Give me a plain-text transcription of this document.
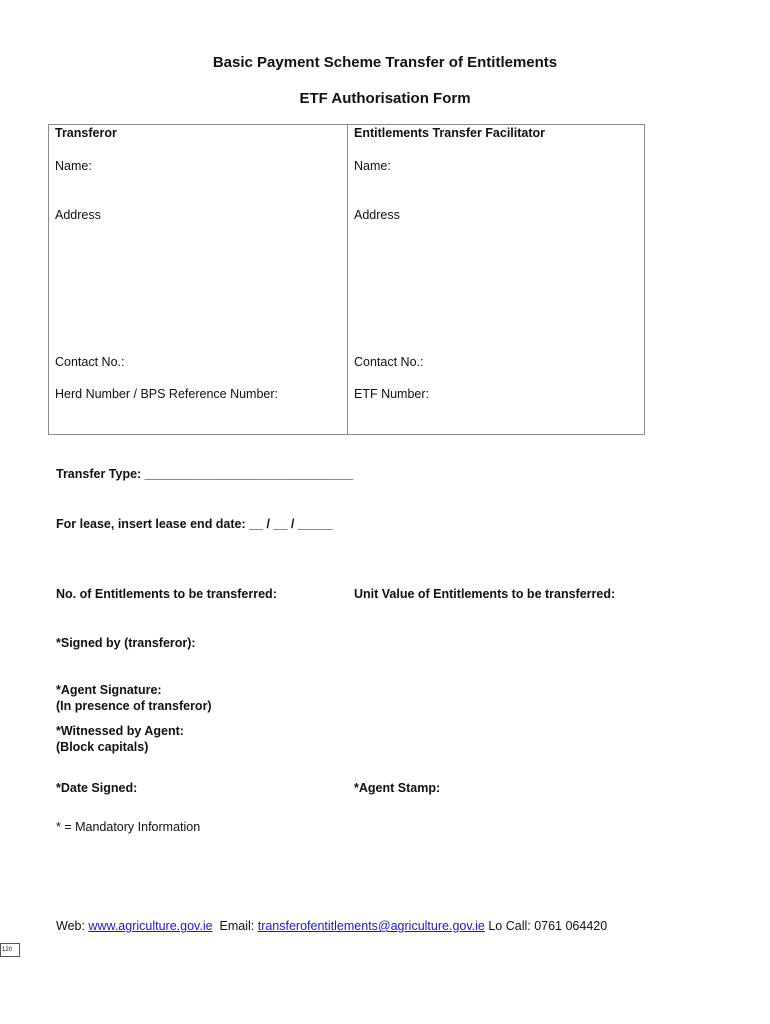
Basic Payment Scheme Transfer of Entitlements
ETF Authorisation Form
Transferor
Name:
Address
Contact No.:
Herd Number / BPS Reference Number:
Entitlements Transfer Facilitator
Name:
Address
Contact No.:
ETF Number:
Transfer Type: ______________________________
For lease, insert lease end date: __ / __ / _____
No. of Entitlements to be transferred:	Unit Value of Entitlements to be transferred:
*Signed by (transferor):
*Agent Signature:
(In presence of transferor)
*Witnessed by Agent:
(Block capitals)
*Date Signed:	*Agent Stamp:
* = Mandatory Information
Web: www.agriculture.gov.ie  Email: transferofentitlements@agriculture.gov.ie Lo Call: 0761 064420
120
